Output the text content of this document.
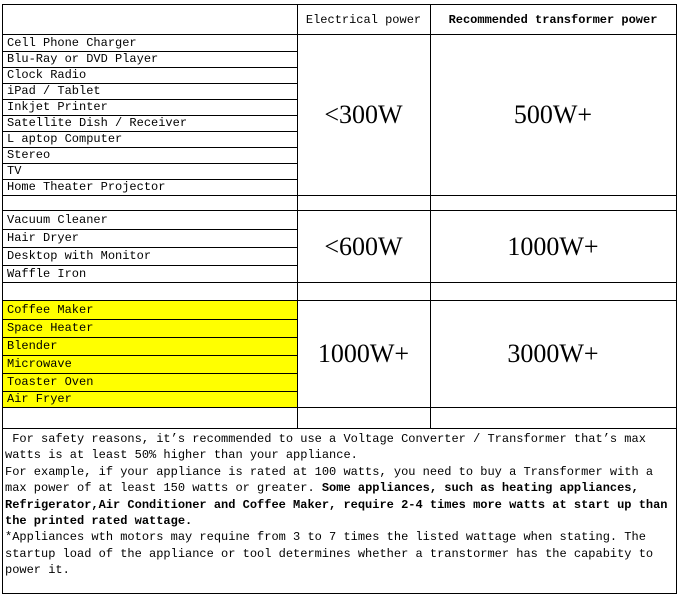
Electrical power	Recommended transformer power
Cell Phone Charger
Blu-Ray or DVD Player
Clock Radio
iPad / Tablet
Inkjet Printer
Satellite Dish / Receiver
L aptop Computer
Stereo
TV
Home Theater Projector
<300W	500W+
Vacuum Cleaner
Hair Dryer
Desktop with Monitor
Waffle Iron
<600W	1000W+
Coffee Maker
Space Heater
Blender
Microwave
Toaster Oven
Air Fryer
1000W+	3000W+

For safety reasons, it’s recommended to use a Voltage Converter / Transformer that’s max watts is at least 50% higher than your appliance.

For example, if your appliance is rated at 100 watts, you need to buy a Transformer with a max power of at least 150 watts or greater. Some appliances, such as heating appliances, Refrigerator,Air Conditioner and Coffee Maker, require 2-4 times more watts at start up than the printed rated wattage.

*Appliances wth motors may requine from 3 to 7 times the listed wattage when stating. The startup load of the appliance or tool determines whether a transtormer has the capabity to power it.
